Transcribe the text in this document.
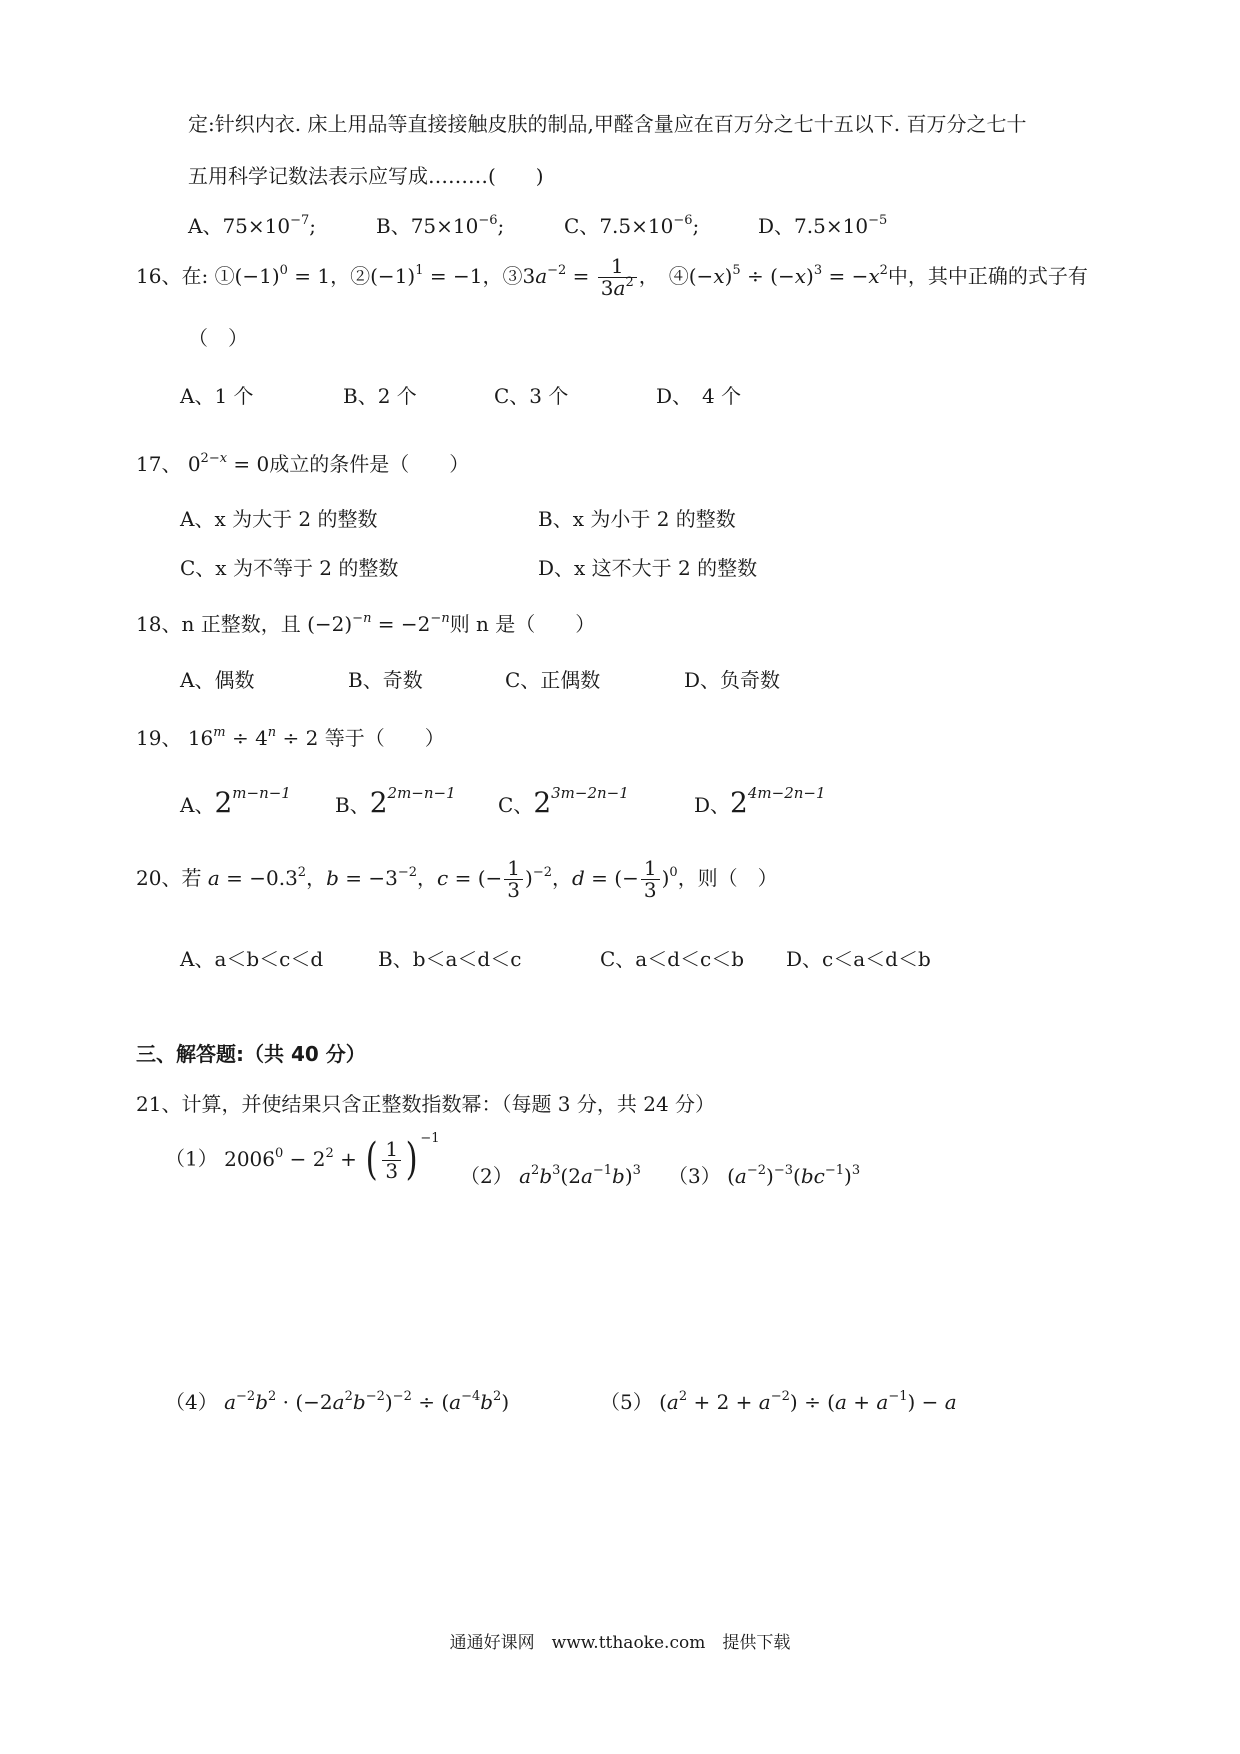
定:针织内衣. 床上用品等直接接触皮肤的制品,甲醛含量应在百万分之七十五以下. 百万分之七十
五用科学记数法表示应写成………(　　)
A、$75\times 10^{-7}$;	B、$75\times 10^{-6}$;	C、$7.5\times 10^{-6}$;	D、$7.5\times 10^{-5}$
16、在: $①(-1)^0 = 1$，$②(-1)^1 = -1$，$③3a^{-2} = \frac{1}{3a^2}$ ，　$④(-x)^5 \div (-x)^3 = -x^2$中，其中正确的式子有
（　）
A、1 个	B、2 个	C、3 个	D、　4 个
17、 $0^{2-x} = 0$成立的条件是（　　）
A、x 为大于 2 的整数	B、x 为小于 2 的整数
C、x 为不等于 2 的整数	D、x 这不大于 2 的整数
18、n 正整数，且 $(-2)^{-n} = -2^{-n}$则 n 是（　　）
A、偶数	B、奇数	C、正偶数	D、负奇数
19、 $16^m \div 4^n \div 2$ 等于（　　）
A、$2^{m-n-1}$ B、$2^{2m-n-1}$ C、$2^{3m-2n-1}$	D、$2^{4m-2n-1}$
20、若 $a = -0.3^2$，$b = -3^{-2}$，c = (− $\frac{1}{3} )^{-2}$，d = (− $\frac{1}{3} )^0$，则（　）
A、a＜b＜c＜d	B、b＜a＜d＜c	C、a＜d＜c＜b D、c＜a＜d＜b
三、解答题:（共 40 分）
21、计算，并使结果只含正整数指数幂：（每题 3 分，共 24 分）
（1） $2006^0 - 2^2$ + ( $\frac{1}{3}$ ) $^{-1}$
（2） $a^2b^3(2a^{-1}b)^3$ （3） $(a^{-2})^{-3}(bc^{-1})^3$
（4） $a^{-2}b^2 \cdot (-2a^2b^{-2})^{-2} \div (a^{-4}b^2)$	（5） $(a^2 + 2 + a^{-2}) \div (a + a^{-1}) - a$
通通好课网　www.tthaoke.com　提供下载
